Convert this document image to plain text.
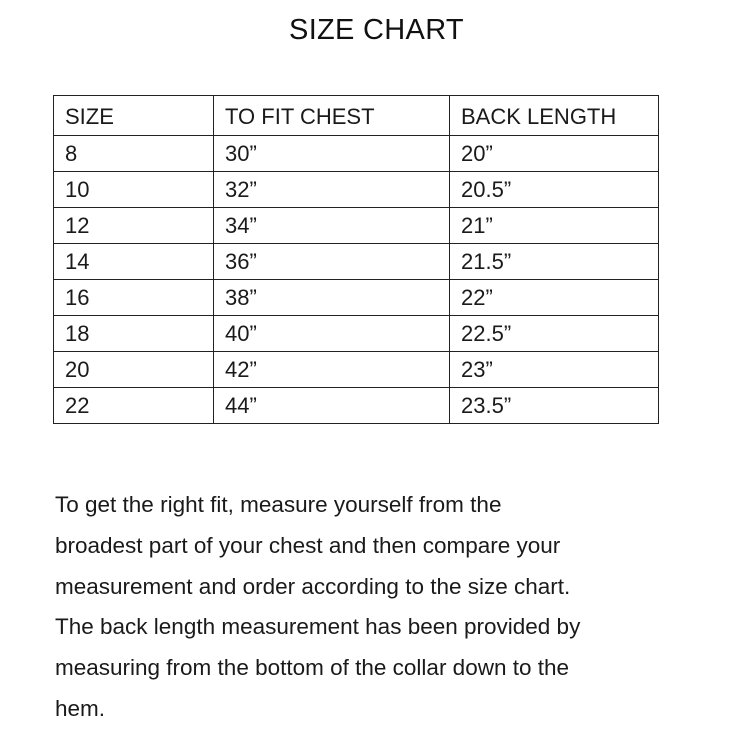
SIZE CHART
SIZE	TO FIT CHEST	BACK LENGTH
8	30”	20”
10	32”	20.5”
12	34”	21”
14	36”	21.5”
16	38”	22”
18	40”	22.5”
20	42”	23”
22	44”	23.5”

To get the right fit, measure yourself from the
broadest part of your chest and then compare your
measurement and order according to the size chart.
The back length measurement has been provided by
measuring from the bottom of the collar down to the
hem.
